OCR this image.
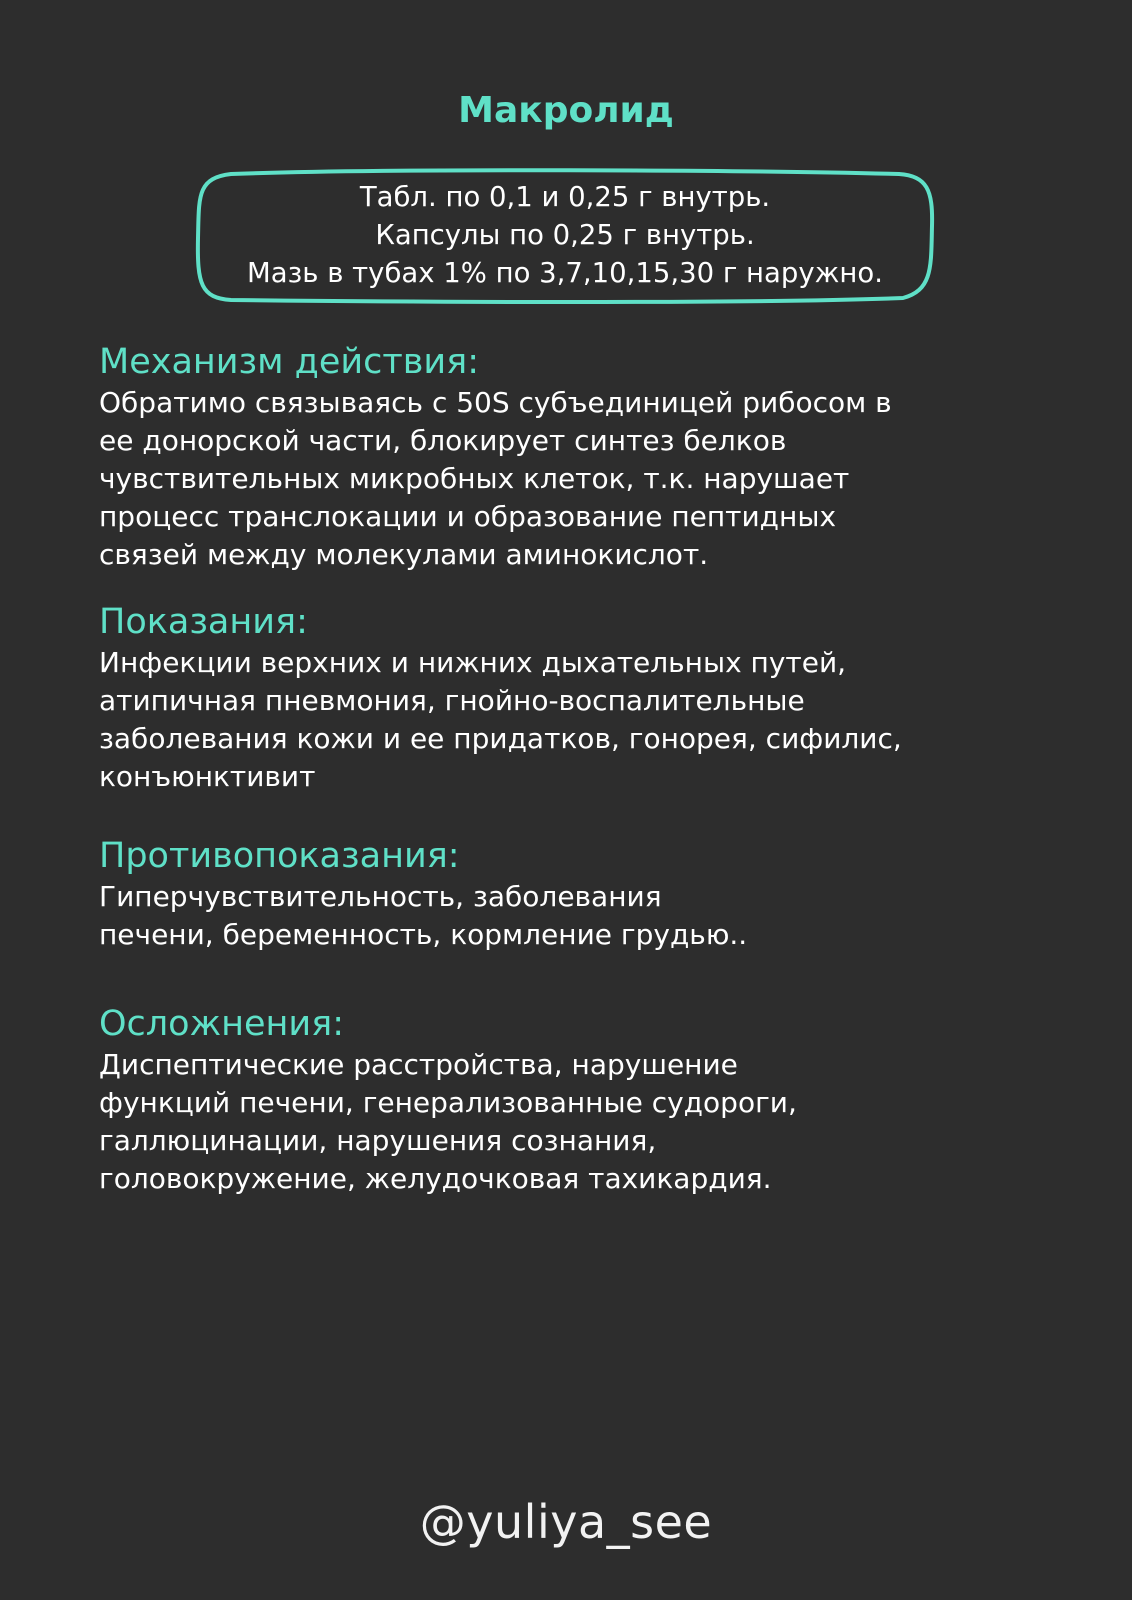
Макролид
Табл. по 0,1 и 0,25 г внутрь.
Капсулы по 0,25 г внутрь.
Мазь в тубах 1% по 3,7,10,15,30 г наружно.
Механизм действия:
Обратимо связываясь с 50S субъединицей рибосом в
ее донорской части, блокирует синтез белков
чувствительных микробных клеток, т.к. нарушает
процесс транслокации и образование пептидных
связей между молекулами аминокислот.
Показания:
Инфекции верхних и нижних дыхательных путей,
атипичная пневмония, гнойно-воспалительные
заболевания кожи и ее придатков, гонорея, сифилис,
конъюнктивит
Противопоказания:
Гиперчувствительность, заболевания
печени, беременность, кормление грудью..
Осложнения:
Диспептические расстройства, нарушение
функций печени, генерализованные судороги,
галлюцинации, нарушения сознания,
головокружение, желудочковая тахикардия.
@yuliya_see
